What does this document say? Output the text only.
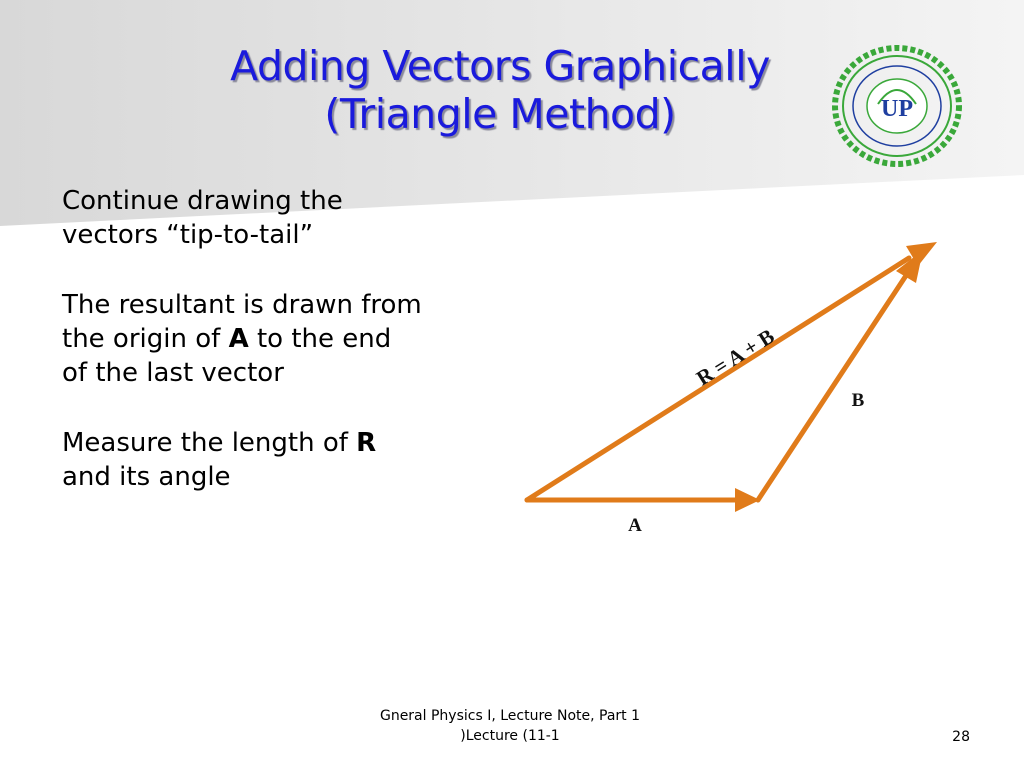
Adding Vectors Graphically
(Triangle Method)	UP

Continue drawing the
vectors “tip-to-tail”

The resultant is drawn from
the origin of A to the end
of the last vector

Measure the length of R
and its angle

A
B
R = A + B
Gneral Physics I, Lecture Note, Part 1
)Lecture (11-1	28
